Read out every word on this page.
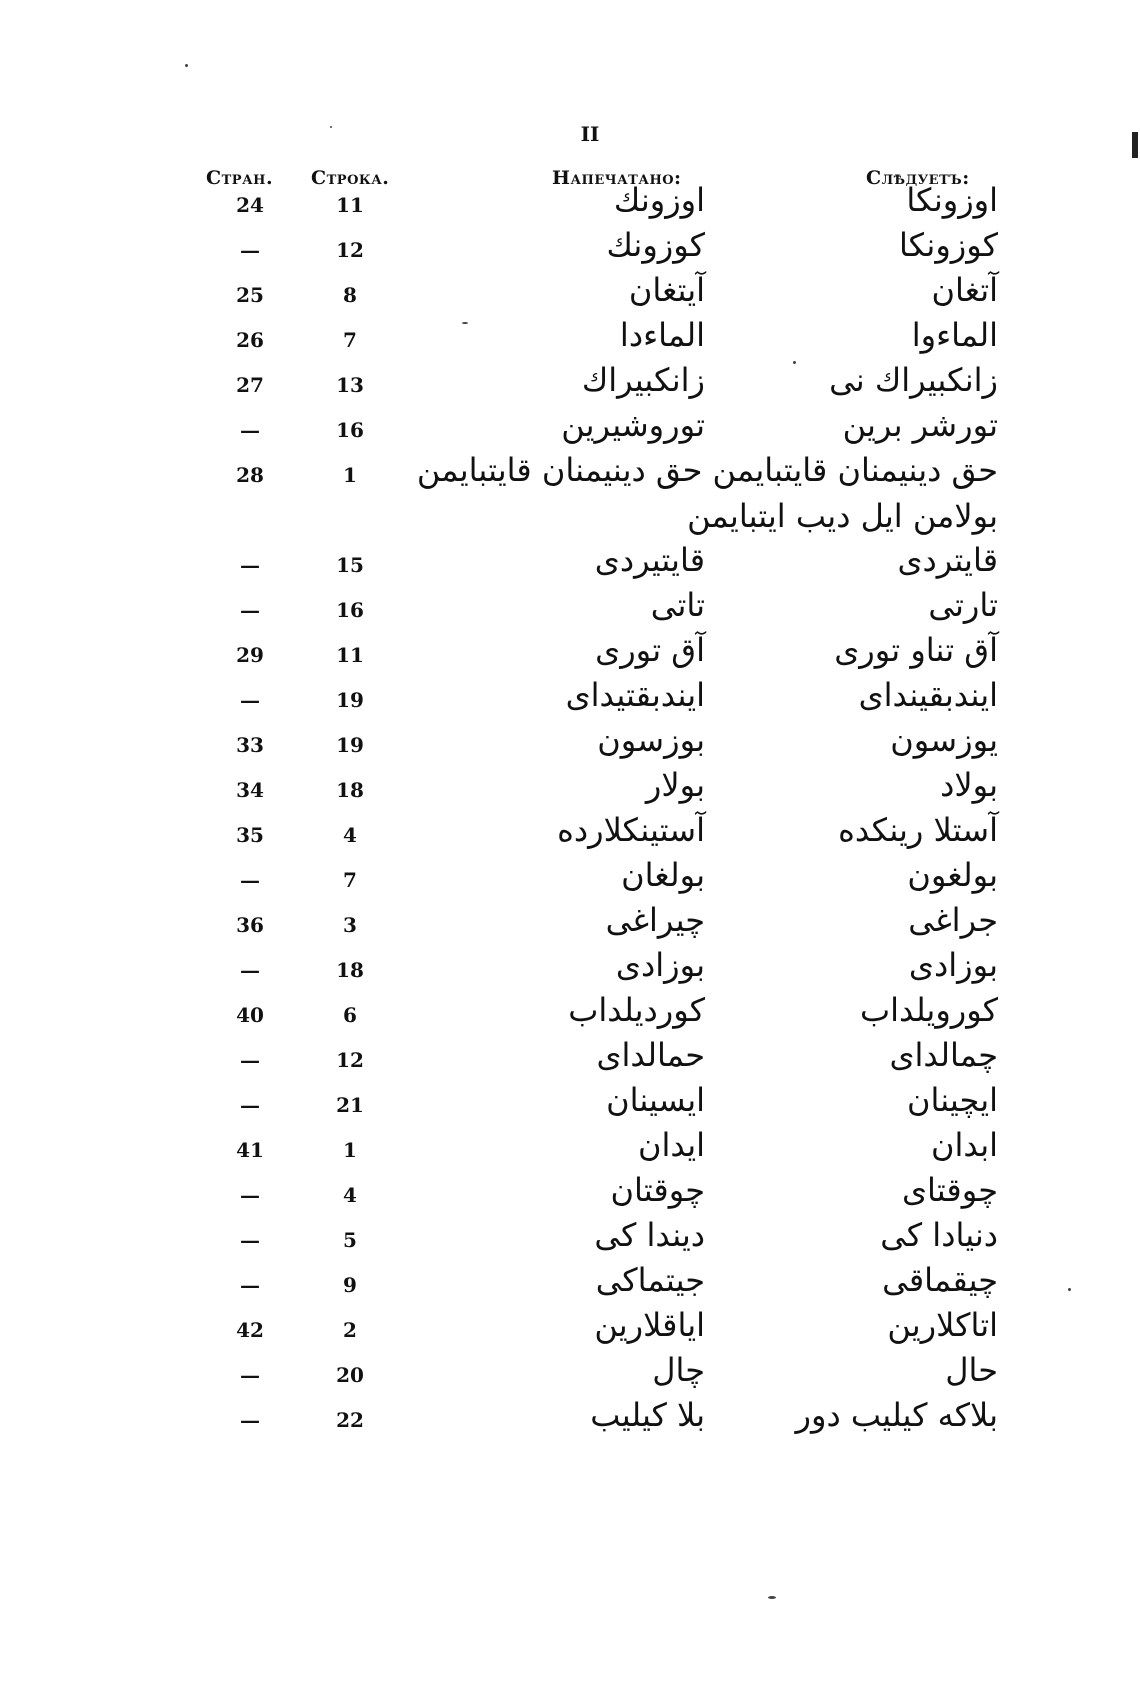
II
Стран. Строка.	Напечатано:	Слѣдуетъ:
24	11	اوزونك	اوزونكا
—	12	كوزونك	كوزونكا
25	8	آيتغان	آتغان
26	7	الماءدا	الماءوا
27	13	زانكبيراك	زانكبيراك نى
—	16	توروشيرين	تورشر برين
28	1	حق دينيمنان قايتبايمن حق دينيمنان قايتبايمن
بولامن ايل ديب ايتبايمن
—	15	قايتيردى	قايتردى
—	16	تاتى	تارتى
29	11	آق تورى	آق تناو تورى
—	19	ايندبقتيداى	ايندبقينداى
33	19	بوزسون	يوزسون
34	18	بولار	بولاد
35	4	آستينكلارده	آستلا رينكده
—	7	بولغان	بولغون
36	3	چيراغى	جراغى
—	18	بوزادى	بوزادى
40	6	كورديلداب	كورويلداب
—	12	حمالداى	چمالداى
—	21	ايسينان	ايچينان
41	1	ايدان	ابدان
—	4	چوقتان	چوقتاى
—	5	ديندا كى	دنيادا كى
—	9	جيتماكى	چيقماقى
42	2	اياقلارين	اتاكلارين
—	20	چال	حال
—	22	بلا كيليب	بلاكه كيليب دور
